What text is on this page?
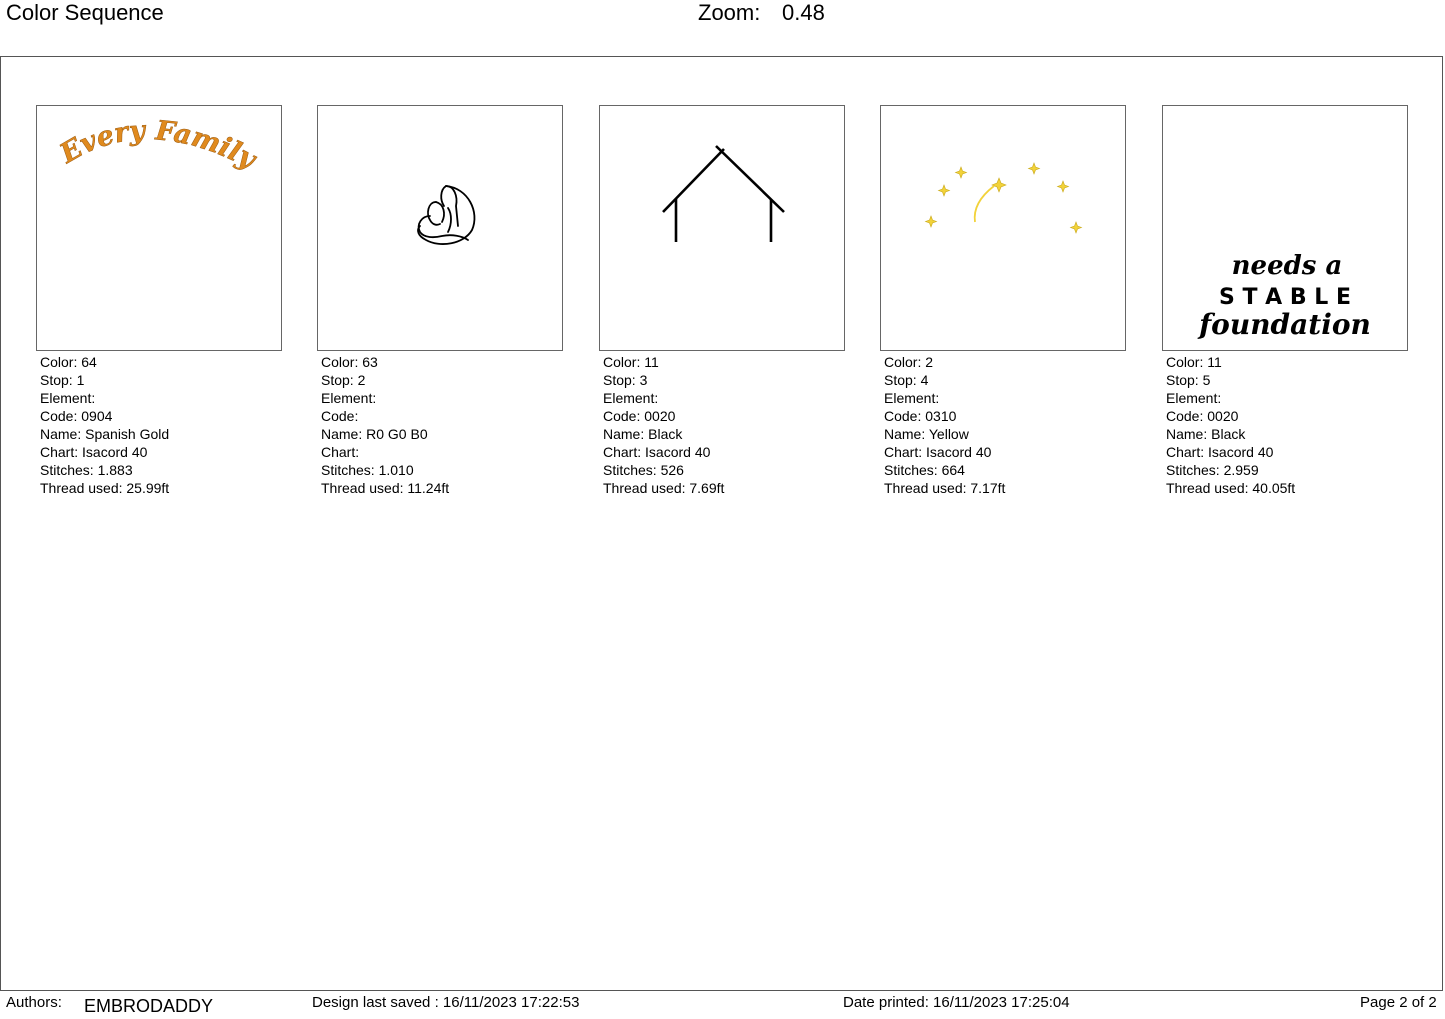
Color Sequence	Zoom: 0.48
Every Family
needs a
S T A B L E
foundation
Color: 64
Stop: 1
Element:
Code: 0904
Name: Spanish Gold
Chart: Isacord 40
Stitches: 1.883
Thread used: 25.99ft
Color: 63
Stop: 2
Element:
Code:
Name: R0 G0 B0
Chart:
Stitches: 1.010
Thread used: 11.24ft
Color: 11
Stop: 3
Element:
Code: 0020
Name: Black
Chart: Isacord 40
Stitches: 526
Thread used: 7.69ft
Color: 2
Stop: 4
Element:
Code: 0310
Name: Yellow
Chart: Isacord 40
Stitches: 664
Thread used: 7.17ft
Color: 11
Stop: 5
Element:
Code: 0020
Name: Black
Chart: Isacord 40
Stitches: 2.959
Thread used: 40.05ft
Authors: EMBRODADDY	Design last saved : 16/11/2023 17:22:53	Date printed: 16/11/2023 17:25:04	Page 2 of 2
